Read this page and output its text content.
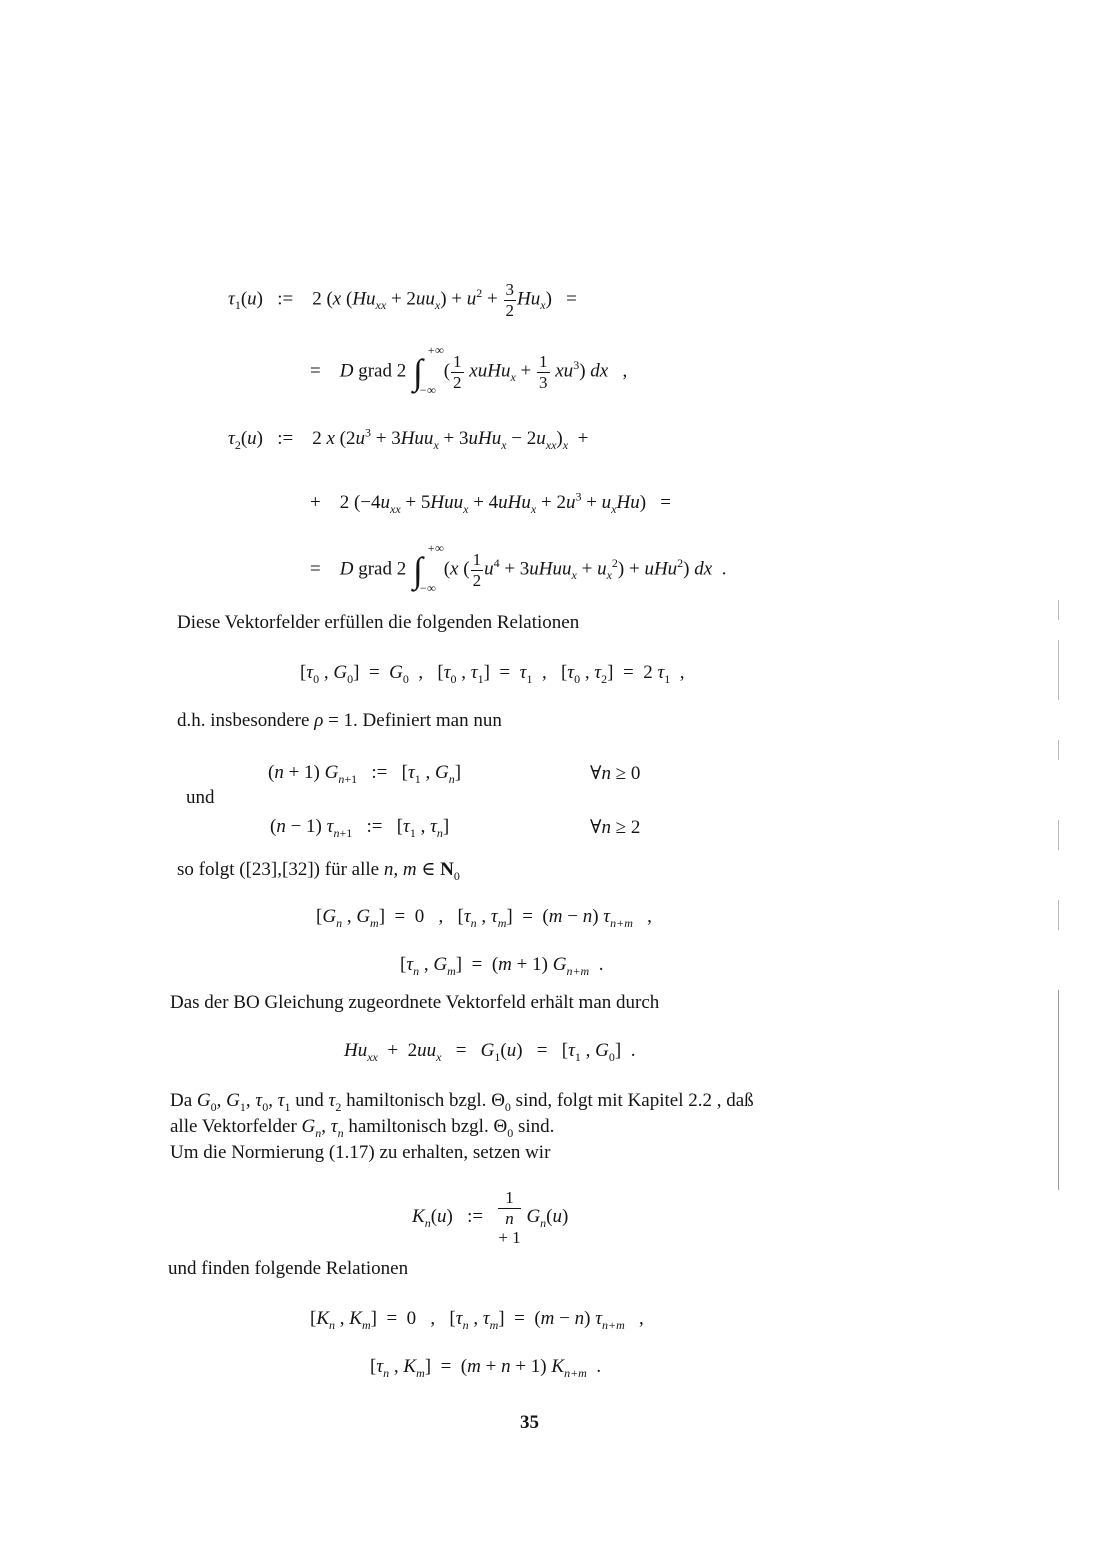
$\tau_1(u)$   :=    2 (x $(Hu_{xx} + 2uu_x) + u^2 + \frac{3}{2} Hu_x$)   =
=    D grad 2 ∫
+∞
−∞
( $\frac{1}{2}$ xuHu$_x$ + $\frac{1}{3} xu^3$) dx   ,
$\tau_2(u)$   :=    2 x $(2u^3 + 3Huu_x + 3uHu_x - 2u_{xx})_x$  +
+    2 $(-4u_{xx} + 5Huu_x + 4uHu_x + 2u^3 + u_xHu)$   =
=    D grad 2 ∫
+∞
−∞
(x ( $\frac{1}{2} u^4$ + 3uHuu$_x$ + $u_x^2) + uHu^2$) dx  .
Diese Vektorfelder erfüllen die folgenden Relationen
[$\tau_0$ , $G_0] = G_0$  ,   [$\tau_0$ , $\tau_1] = \tau_1$  ,   [$\tau_0$ , $\tau_2] = 2$ $\tau_1$  ,
d.h. insbesondere ρ = 1. Definiert man nun
(n + 1) $G_{n+1}$   :=   [$\tau_1$ , $G_n$]	∀n ≥ 0
und
(n − 1) $\tau_{n+1}$   :=   [$\tau_1$ , $\tau_n$]	∀n ≥ 2
so folgt ([23],[32]) für alle n, m ∈ $N_0$
[$G_n$ , $G_m] = 0$   ,   [$\tau_n$ , $\tau_m] = (m - n)$ $\tau_{n+m}$   ,
[$\tau_n$ , $G_m] = (m + 1)$ $G_{n+m}$  .
Das der BO Gleichung zugeordnete Vektorfeld erhält man durch
$Hu_{xx} + 2uu_x = G_1(u) = [\tau_1$ , $G_0$]  .
Da $G_0$, $G_1$, $\tau_0$, $\tau_1$ und $\tau_2$ hamiltonisch bzgl. $\Theta_0$ sind, folgt mit Kapitel 2.2 , daß
alle Vektorfelder $G_n$, $\tau_n$ hamiltonisch bzgl. $\Theta_0$ sind.
Um die Normierung (1.17) zu erhalten, setzen wir
$K_n(u)$   := 1
n
+ 1 $G_n(u)$
und finden folgende Relationen
[$K_n$ , $K_m] = 0$   ,   [$\tau_n$ , $\tau_m] = (m - n)$ $\tau_{n+m}$   ,
[$\tau_n$ , $K_m] = (m + n + 1)$ $K_{n+m}$  .
35
